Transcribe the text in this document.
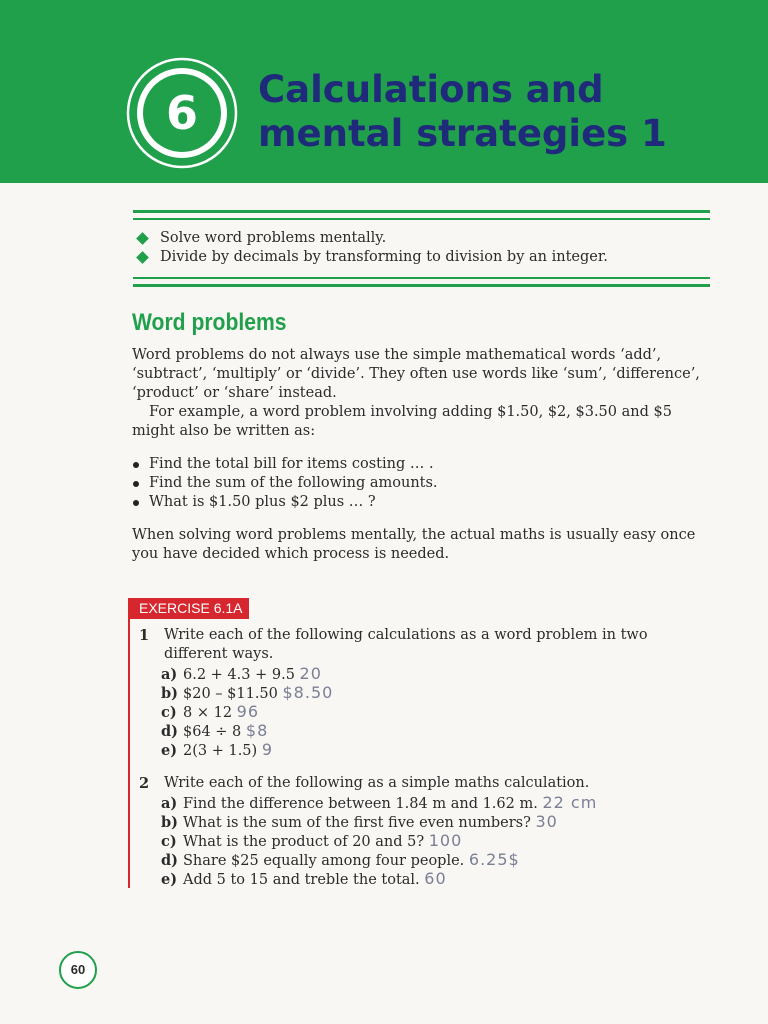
6 Calculations and
mental strategies 1
Solve word problems mentally.
Divide by decimals by transforming to division by an integer.
Word problems

Word problems do not always use the simple mathematical words ‘add’, ‘subtract’, ‘multiply’ or ‘divide’. They often use words like ‘sum’, ‘difference’, ‘product’ or ‘share’ instead.

For example, a word problem involving adding $1.50, $2, $3.50 and $5 might also be written as:

Find the total bill for items costing … .
Find the sum of the following amounts.
What is $1.50 plus $2 plus … ?

When solving word problems mentally, the actual maths is usually easy once you have decided which process is needed.

EXERCISE 6.1A
1 Write each of the following calculations as a word problem in two different ways.
a) 6.2 + 4.3 + 9.5 20
b) $20 – $11.50 $8.50
c) 8 × 12 96
d) $64 ÷ 8 $8
e) 2(3 + 1.5) 9
2 Write each of the following as a simple maths calculation.
a) Find the difference between 1.84 m and 1.62 m. 22 cm
b) What is the sum of the first five even numbers? 30
c) What is the product of 20 and 5? 100
d) Share $25 equally among four people. 6.25$
e) Add 5 to 15 and treble the total. 60
60
